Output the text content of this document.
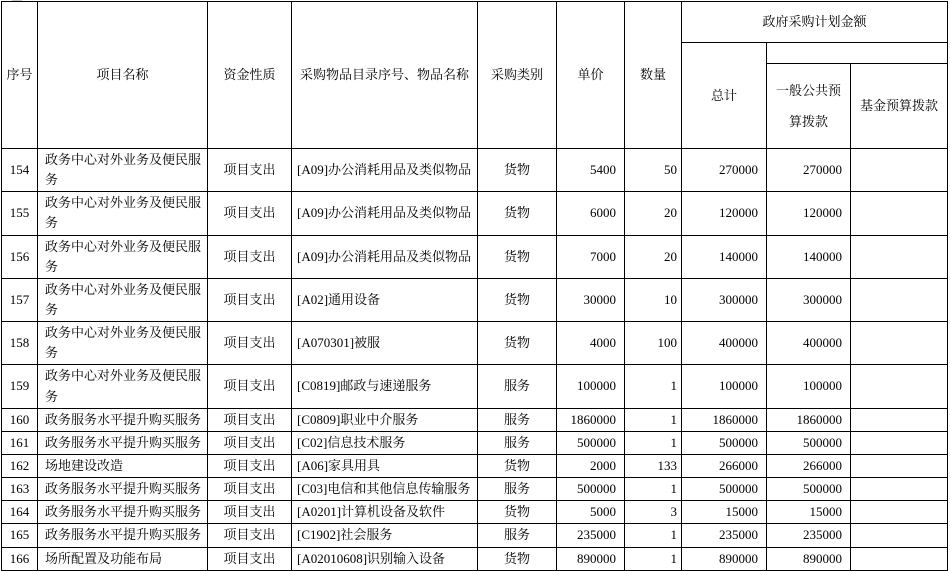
序号	项目名称	资金性质	采购物品目录序号、物品名称	采购类别	单价	数量	政府采购计划金额		
							总计		
								一般公共预算拨款	基金预算拨款
154	政务中心对外业务及便民服务	项目支出	[A09]办公消耗用品及类似物品	货物	5400	50	270000	270000	
155	政务中心对外业务及便民服务	项目支出	[A09]办公消耗用品及类似物品	货物	6000	20	120000	120000	
156	政务中心对外业务及便民服务	项目支出	[A09]办公消耗用品及类似物品	货物	7000	20	140000	140000	
157	政务中心对外业务及便民服务	项目支出	[A02]通用设备	货物	30000	10	300000	300000	
158	政务中心对外业务及便民服务	项目支出	[A070301]被服	货物	4000	100	400000	400000	
159	政务中心对外业务及便民服务	项目支出	[C0819]邮政与速递服务	服务	100000	1	100000	100000	
160	政务服务水平提升购买服务	项目支出	[C0809]职业中介服务	服务	1860000	1	1860000	1860000	
161	政务服务水平提升购买服务	项目支出	[C02]信息技术服务	服务	500000	1	500000	500000	
162	场地建设改造	项目支出	[A06]家具用具	货物	2000	133	266000	266000	
163	政务服务水平提升购买服务	项目支出	[C03]电信和其他信息传输服务	服务	500000	1	500000	500000	
164	政务服务水平提升购买服务	项目支出	[A0201]计算机设备及软件	货物	5000	3	15000	15000	
165	政务服务水平提升购买服务	项目支出	[C1902]社会服务	服务	235000	1	235000	235000	
166	场所配置及功能布局	项目支出	[A02010608]识别输入设备	货物	890000	1	890000	890000	
